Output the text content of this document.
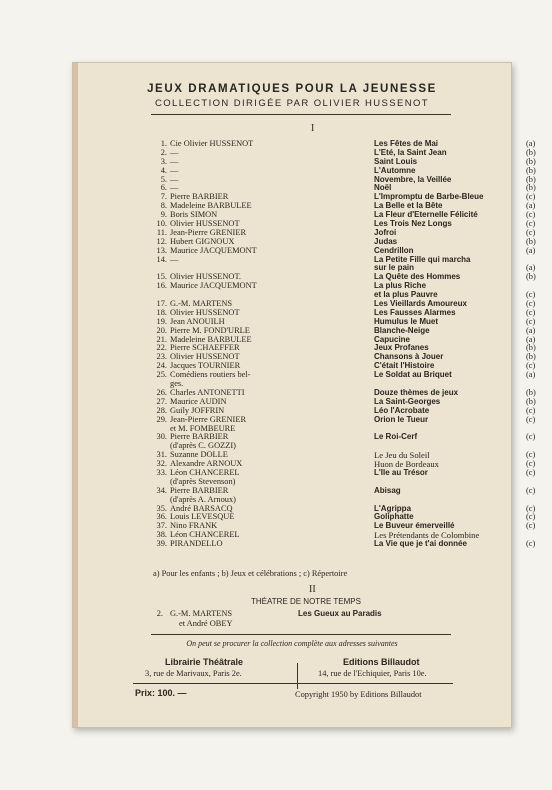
JEUX DRAMATIQUES POUR LA JEUNESSE
COLLECTION DIRIGÉE PAR OLIVIER HUSSENOT
I
1. Cie Olivier HUSSENOT	Les Fêtes de Mai	(a)
2. —	L'Eté, la Saint Jean	(b)
3. —	Saint Louis	(b)
4. —	L'Automne	(b)
5. —	Novembre, la Veillée	(b)
6. —	Noël	(b)
7. Pierre BARBIER	L'Impromptu de Barbe-Bleue	(c)
8. Madeleine BARBULEE	La Belle et la Bête	(a)
9. Boris SIMON	La Fleur d'Eternelle Félicité	(c)
10. Olivier HUSSENOT	Les Trois Nez Longs	(c)
11. Jean-Pierre GRENIER	Jofroi	(c)
12. Hubert GIGNOUX	Judas	(b)
13. Maurice JACQUEMONT	Cendrillon	(a)
14. —	La Petite Fille qui marcha
sur le pain	(a)
15. Olivier HUSSENOT.	La Quête des Hommes	(b)
16. Maurice JACQUEMONT	La plus Riche
et la plus Pauvre	(c)
17. G.-M. MARTENS	Les Vieillards Amoureux	(c)
18. Olivier HUSSENOT	Les Fausses Alarmes	(c)
19. Jean ANOUILH	Humulus le Muet	(c)
20. Pierre M. FOND'URLE	Blanche-Neige	(a)
21. Madeleine BARBULEE	Capucine	(a)
22. Pierre SCHAEFFER	Jeux Profanes	(b)
23. Olivier HUSSENOT	Chansons à Jouer	(b)
24. Jacques TOURNIER	C'était l'Histoire	(c)
25. Comédiens routiers bel-	Le Soldat au Briquet	(a)
ges.
26. Charles ANTONETTI	Douze thèmes de jeux	(b)
27. Maurice AUDIN	La Saint-Georges	(b)
28. Guily JOFFRIN	Léo l'Acrobate	(c)
29. Jean-Pierre GRENIER	Orion le Tueur	(c)
et M. FOMBEURE
30. Pierre BARBIER	Le Roi-Cerf	(c)
(d'après C. GOZZI)
31. Suzanne DOLLE	Le Jeu du Soleil	(c)
32. Alexandre ARNOUX	Huon de Bordeaux	(c)
33. Léon CHANCEREL	L'Ile au Trésor	(c)
(d'après Stevenson)
34. Pierre BARBIER	Abisag	(c)
(d'après A. Arnoux)
35. André BARSACQ	L'Agrippa	(c)
36. Louis LEVESQUE	Goliphatte	(c)
37. Nino FRANK	Le Buveur émerveillé	(c)
38. Léon CHANCEREL	Les Prétendants de Colombine
39. PIRANDELLO	La Vie que je t'ai donnée	(c)
a) Pour les enfants ; b) Jeux et célébrations ; c) Répertoire
II
THÉATRE DE NOTRE TEMPS
2. G.-M. MARTENS
et André OBEY
Les Gueux au Paradis
On peut se procurer la collection complète aux adresses suivantes
Librairie Théâtrale
3, rue de Marivaux, Paris 2e.
Editions Billaudot
14, rue de l'Echiquier, Paris 10e.
Prix: 100. —	Copyright 1950 by Editions Billaudot
